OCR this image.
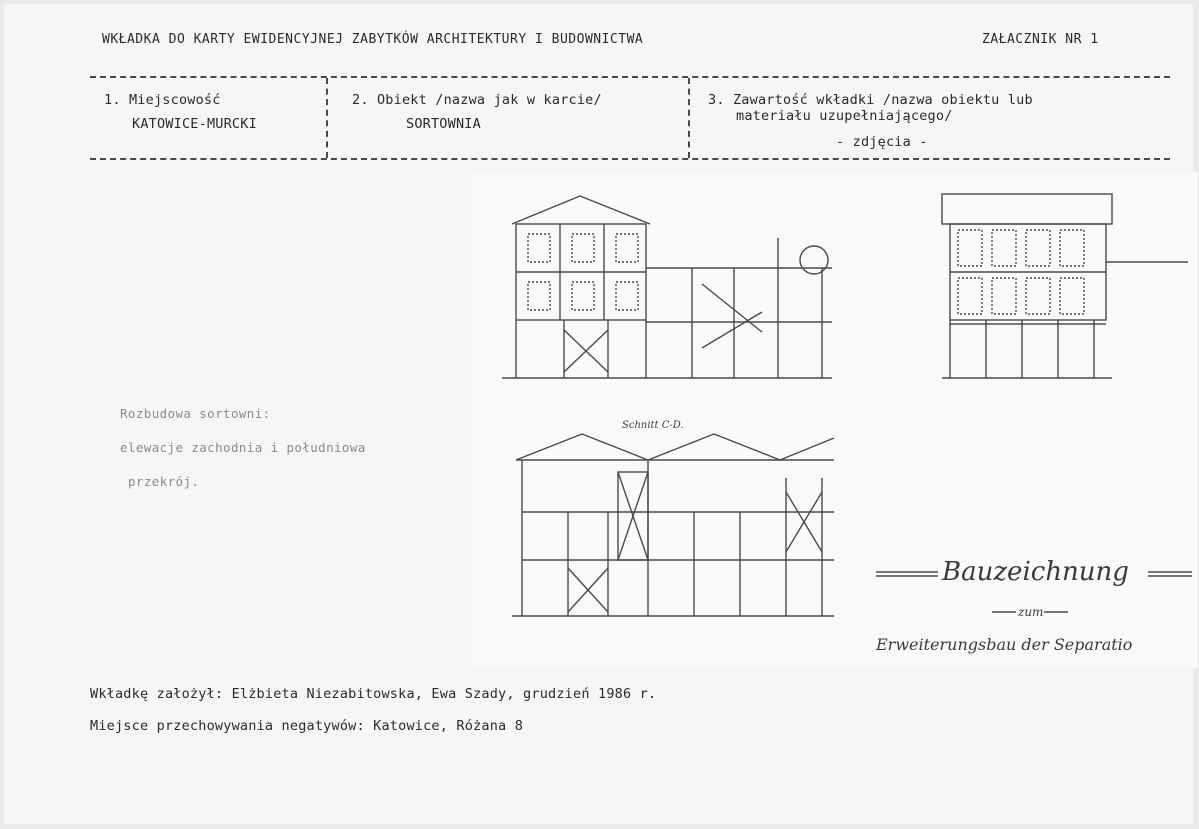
WKŁADKA DO KARTY EWIDENCYJNEJ ZABYTKÓW ARCHITEKTURY I BUDOWNICTWA	ZAŁACZNIK NR 1
1. Miejscowość
KATOWICE-MURCKI
2. Obiekt /nazwa jak w karcie/
SORTOWNIA
3. Zawartość wkładki /nazwa obiektu lub
materiału uzupełniającego/
- zdjęcia -
Rozbudowa sortowni:
elewacje zachodnia i południowa
przekrój.
Bauzeichnung
zum
Erweiterungsbau der Separatio
Schnitt C-D.
Wkładkę założył: Elżbieta Niezabitowska, Ewa Szady, grudzień 1986 r.
Miejsce przechowywania negatywów: Katowice, Różana 8
